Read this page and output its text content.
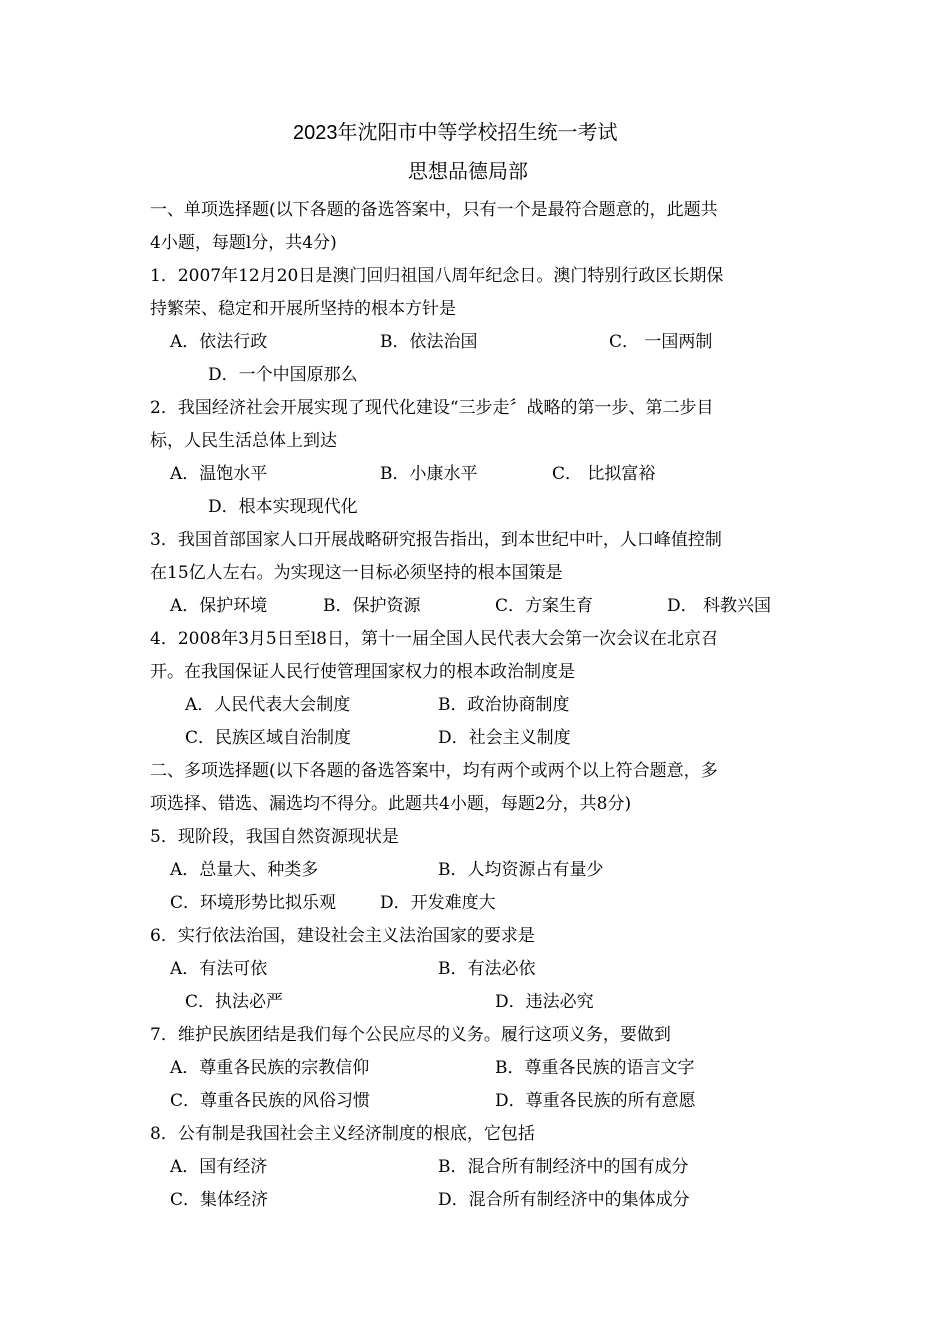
2023年沈阳市中等学校招生统一考试
思想品德局部
一、单项选择题(以下各题的备选答案中，只有一个是最符合题意的，此题共
4小题，每题l分，共4分)
1．2007年12月20日是澳门回归祖国八周年纪念日。澳门特别行政区长期保
持繁荣、稳定和开展所坚持的根本方针是
A．依法行政	B．依法治国	C． 一国两制
D．一个中国原那么
2．我国经济社会开展实现了现代化建设“三步走〞战略的第一步、第二步目
标，人民生活总体上到达
A．温饱水平	B．小康水平	C． 比拟富裕
D．根本实现现代化
3．我国首部国家人口开展战略研究报告指出，到本世纪中叶，人口峰值控制
在15亿人左右。为实现这一目标必须坚持的根本国策是
A．保护环境	B．保护资源	C．方案生育	D． 科教兴国
4．2008年3月5日至l8日，第十一届全国人民代表大会第一次会议在北京召
开。在我国保证人民行使管理国家权力的根本政治制度是
A．人民代表大会制度	B．政治协商制度
C．民族区域自治制度	D．社会主义制度
二、多项选择题(以下各题的备选答案中，均有两个或两个以上符合题意，多
项选择、错选、漏选均不得分。此题共4小题，每题2分，共8分)
5．现阶段，我国自然资源现状是
A．总量大、种类多	B．人均资源占有量少
C．环境形势比拟乐观	D．开发难度大
6．实行依法治国，建设社会主义法治国家的要求是
A．有法可依	B．有法必依
C．执法必严	D．违法必究
7．维护民族团结是我们每个公民应尽的义务。履行这项义务，要做到
A．尊重各民族的宗教信仰	B．尊重各民族的语言文字
C．尊重各民族的风俗习惯	D．尊重各民族的所有意愿
8．公有制是我国社会主义经济制度的根底，它包括
A．国有经济	B．混合所有制经济中的国有成分
C．集体经济	D．混合所有制经济中的集体成分
